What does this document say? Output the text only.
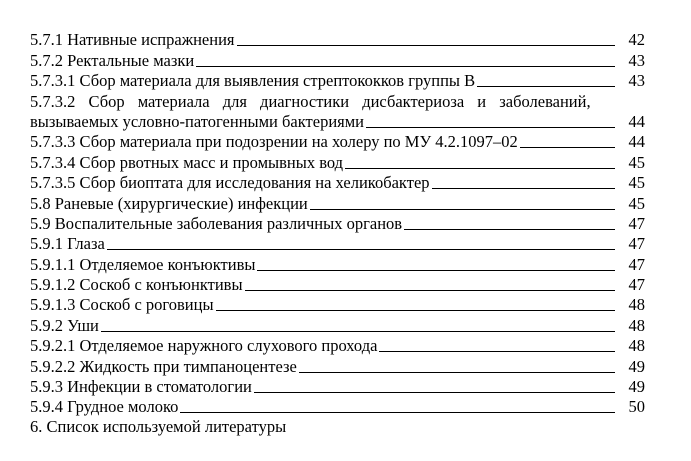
5.7.1 Нативные испражнения	42
5.7.2 Ректальные мазки	43
5.7.3.1 Сбор материала для выявления стрептококков группы В	43
5.7.3.2 Сбор материала для диагностики дисбактериоза и заболеваний,
вызываемых условно-патогенными бактериями	44
5.7.3.3 Сбор материала при подозрении на холеру по МУ 4.2.1097–02	44
5.7.3.4 Сбор рвотных масс и промывных вод	45
5.7.3.5 Сбор биоптата для исследования на хеликобактер	45
5.8 Раневые (хирургические) инфекции	45
5.9 Воспалительные заболевания различных органов	47
5.9.1 Глаза	47
5.9.1.1 Отделяемое конъюктивы	47
5.9.1.2 Соскоб с конъюнктивы	47
5.9.1.3 Соскоб с роговицы	48
5.9.2 Уши	48
5.9.2.1 Отделяемое наружного слухового прохода	48
5.9.2.2 Жидкость при тимпаноцентезе	49
5.9.3 Инфекции в стоматологии	49
5.9.4 Грудное молоко	50
6. Список используемой литературы
